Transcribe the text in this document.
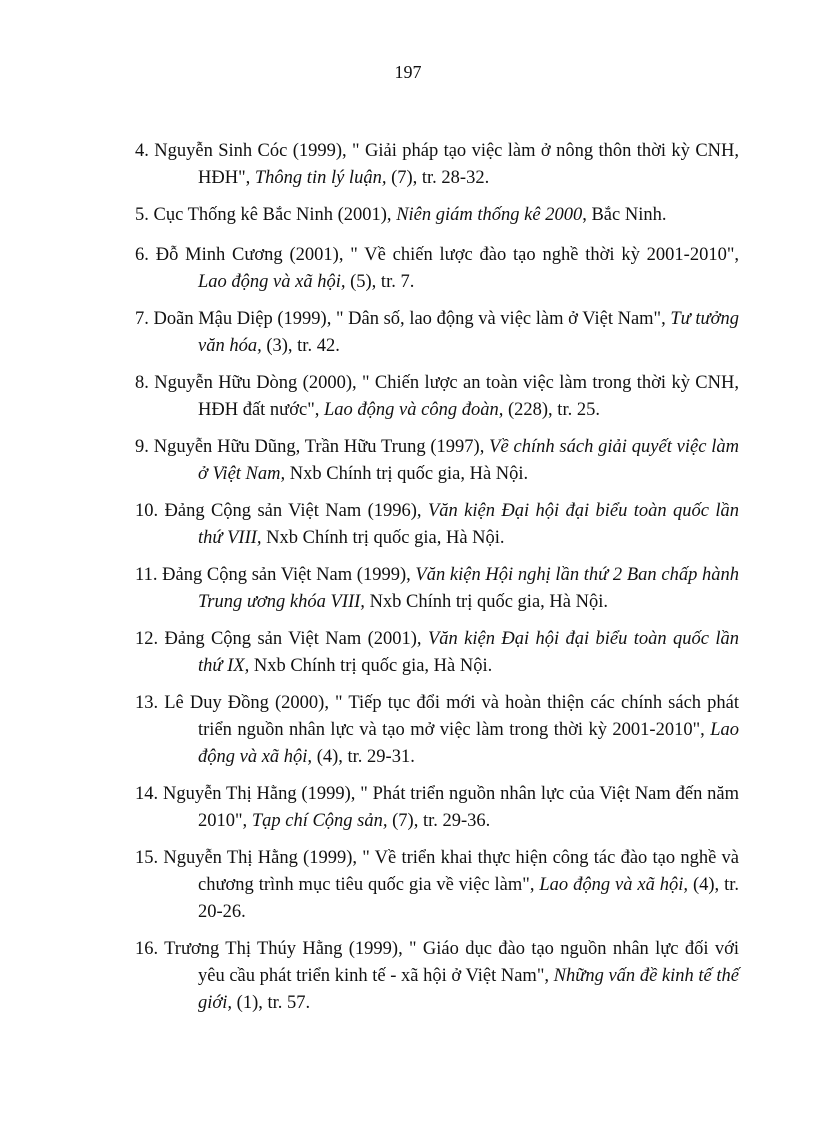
197
4. Nguyễn Sinh Cóc (1999), " Giải pháp tạo việc làm ở nông thôn thời kỳ CNH, HĐH", Thông tin lý luận, (7), tr. 28-32.
5. Cục Thống kê Bắc Ninh (2001), Niên giám thống kê 2000, Bắc Ninh.
6. Đỗ Minh Cương (2001), " Về chiến lược đào tạo nghề thời kỳ 2001-2010", Lao động và xã hội, (5), tr. 7.
7. Doãn Mậu Diệp (1999), " Dân số, lao động và việc làm ở Việt Nam", Tư tưởng văn hóa, (3), tr. 42.
8. Nguyễn Hữu Dòng (2000), " Chiến lược an toàn việc làm trong thời kỳ CNH, HĐH đất nước", Lao động và công đoàn, (228), tr. 25.
9. Nguyễn Hữu Dũng, Trần Hữu Trung (1997), Về chính sách giải quyết việc làm ở Việt Nam, Nxb Chính trị quốc gia, Hà Nội.
10. Đảng Cộng sản Việt Nam (1996), Văn kiện Đại hội đại biểu toàn quốc lần thứ VIII, Nxb Chính trị quốc gia, Hà Nội.
11. Đảng Cộng sản Việt Nam (1999), Văn kiện Hội nghị lần thứ 2 Ban chấp hành Trung ương khóa VIII, Nxb Chính trị quốc gia, Hà Nội.
12. Đảng Cộng sản Việt Nam (2001), Văn kiện Đại hội đại biểu toàn quốc lần thứ IX, Nxb Chính trị quốc gia, Hà Nội.
13. Lê Duy Đồng (2000), " Tiếp tục đổi mới và hoàn thiện các chính sách phát triển nguồn nhân lực và tạo mở việc làm trong thời kỳ 2001-2010", Lao động và xã hội, (4), tr. 29-31.
14. Nguyễn Thị Hằng (1999), " Phát triển nguồn nhân lực của Việt Nam đến năm 2010", Tạp chí Cộng sản, (7), tr. 29-36.
15. Nguyễn Thị Hằng (1999), " Về triển khai thực hiện công tác đào tạo nghề và chương trình mục tiêu quốc gia về việc làm", Lao động và xã hội, (4), tr. 20-26.
16. Trương Thị Thúy Hằng (1999), " Giáo dục đào tạo nguồn nhân lực đối với yêu cầu phát triển kinh tế - xã hội ở Việt Nam", Những vấn đề kinh tế thế giới, (1), tr. 57.
